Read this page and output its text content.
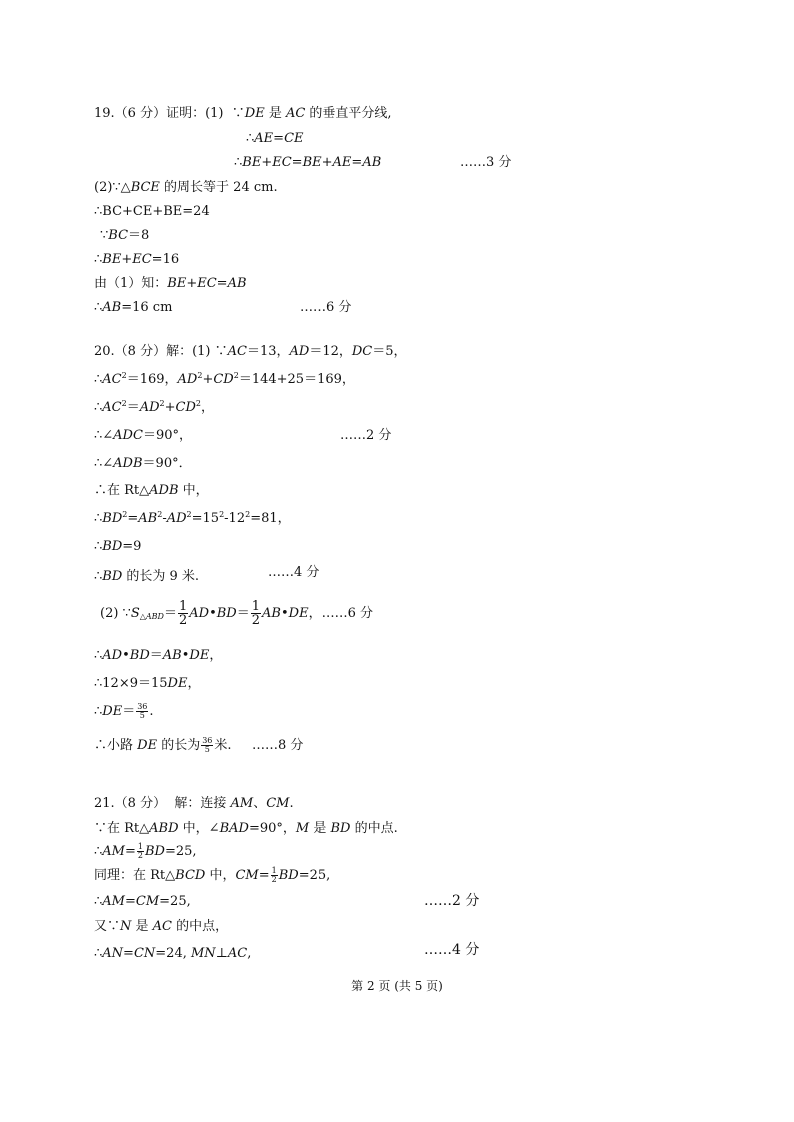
19.（6 分）证明：(1)  ∵DE 是 AC 的垂直平分线,
∴AE=CE
∴BE+EC=BE+AE=AB	……3 分
(2)∵△BCE 的周长等于 24 cm.
∴BC+CE+BE=24
∵BC＝8
∴BE+EC=16
由（1）知：BE+EC=AB
∴AB=16 cm	……6 分
20.（8 分）解：(1) ∵AC＝13，AD＝12，DC＝5，
$\therefore AC^2=169$，$AD^2+CD^2=144+25=169$，
$\therefore AC^2=AD^2+CD^2$，
∴∠ADC＝90°，	……2 分
∴∠ADB＝90°．
∴在 Rt△ADB 中，
$\therefore BD^2=AB^2-AD^2=15^2-12^2=81$，
∴BD=9
∴BD 的长为 9 米.	……4 分
(2) $\because S_{\triangle ABD}= \frac{1}{2}$ AD•BD＝ $\frac{1}{2}$ AB•DE，……6 分
∴AD•BD＝AB•DE，
∴12×9＝15DE，
∴DE＝ $\frac{36}{5}$ .
∴小路 DE 的长为 $\frac{36}{5}$ 米. ……8 分
21.（8 分）  解：连接 AM、CM.
∵在 Rt△ABD 中，∠BAD=90°，M 是 BD 的中点.
∴AM= $\frac{1}{2} BD=25$,
同理：在 Rt△BCD 中，$CM= \frac{1}{2} BD=25$,
∴AM=CM=25,	……2 分
又∵N 是 AC 的中点，
……4 分
∴AN=CN=24, MN⊥AC,
第 2 页 (共 5 页)
